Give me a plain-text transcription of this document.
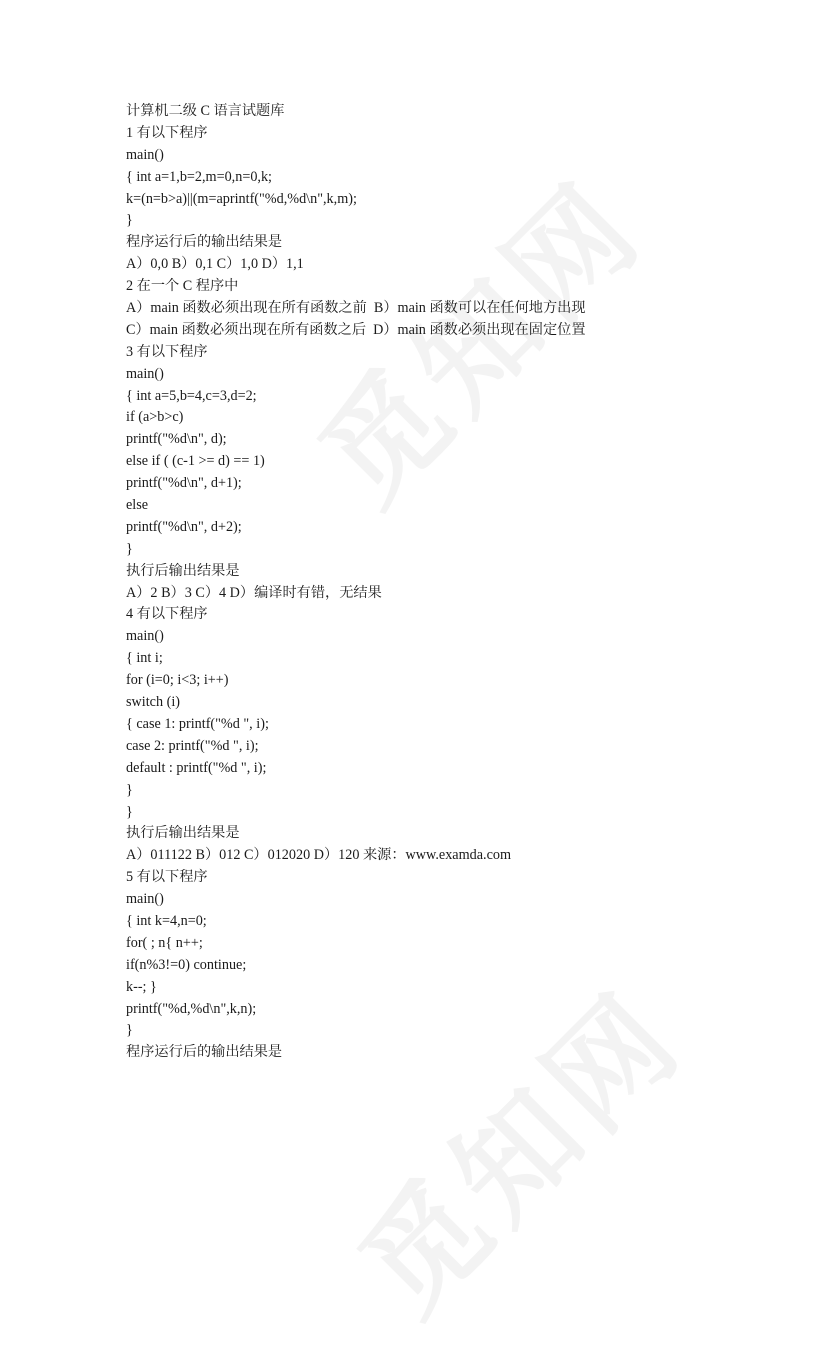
计算机二级 C 语言试题库
1 有以下程序
main()
{ int a=1,b=2,m=0,n=0,k;
k=(n=b>a)||(m=aprintf("%d,%d\n",k,m);
}
程序运行后的输出结果是
A）0,0 B）0,1 C）1,0 D）1,1
2 在一个 C 程序中
A）main 函数必须出现在所有函数之前  B）main 函数可以在任何地方出现
C）main 函数必须出现在所有函数之后  D）main 函数必须出现在固定位置
3 有以下程序
main()
{ int a=5,b=4,c=3,d=2;
if (a>b>c)
printf("%d\n", d);
else if ( (c-1 >= d) == 1)
printf("%d\n", d+1);
else
printf("%d\n", d+2);
}
执行后输出结果是
A）2 B）3 C）4 D）编译时有错，无结果
4 有以下程序
main()
{ int i;
for (i=0; i<3; i++)
switch (i)
{ case 1: printf("%d ", i);
case 2: printf("%d ", i);
default : printf("%d ", i);
}
}
执行后输出结果是
A）011122 B）012 C）012020 D）120 来源：www.examda.com
5 有以下程序
main()
{ int k=4,n=0;
for( ; n{ n++;
if(n%3!=0) continue;
k--; }
printf("%d,%d\n",k,n);
}
程序运行后的输出结果是
